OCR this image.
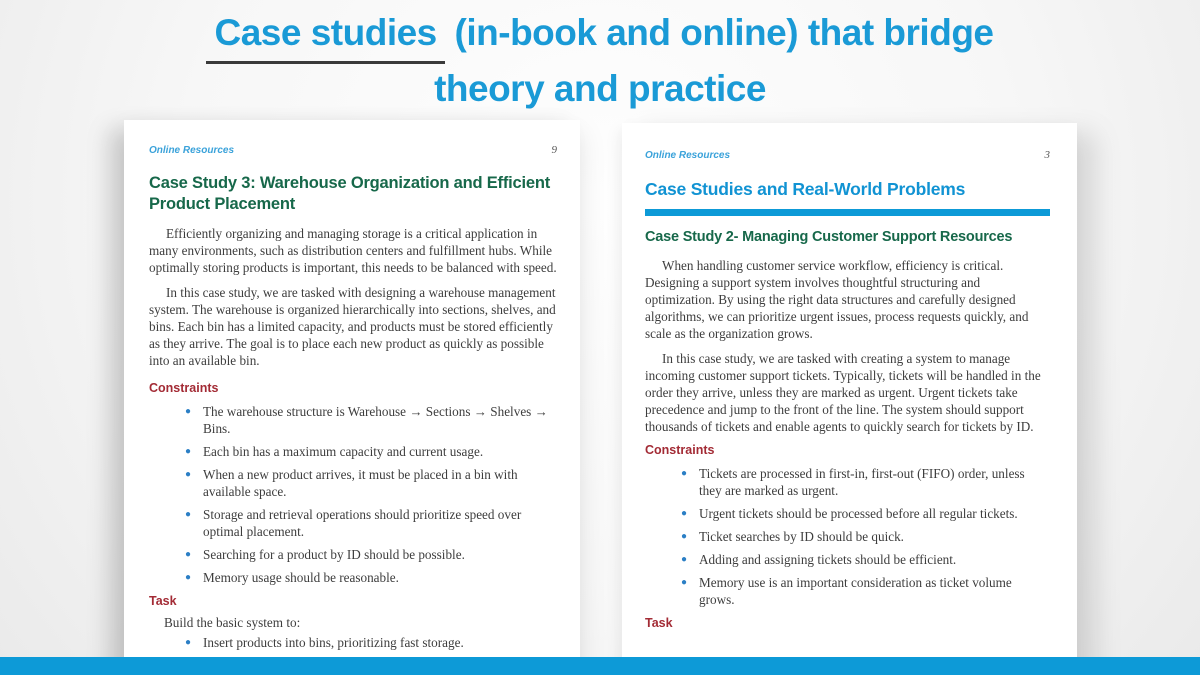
Case studies (in-book and online) that bridge
theory and practice
Online Resources	9
Case Study 3: Warehouse Organization and Efficient Product Placement

Efficiently organizing and managing storage is a critical application in many environments, such as distribution centers and fulfillment hubs. While optimally storing products is important, this needs to be balanced with speed.

In this case study, we are tasked with designing a warehouse management system. The warehouse is organized hierarchically into sections, shelves, and bins. Each bin has a limited capacity, and products must be stored efficiently as they arrive. The goal is to place each new product as quickly as possible into an available bin.

Constraints
● The warehouse structure is Warehouse → Sections → Shelves → Bins.
● Each bin has a maximum capacity and current usage.
● When a new product arrives, it must be placed in a bin with available space.
● Storage and retrieval operations should prioritize speed over optimal placement.
● Searching for a product by ID should be possible.
● Memory usage should be reasonable.
Task
Build the basic system to:
● Insert products into bins, prioritizing fast storage.
Online Resources	3
Case Studies and Real-World Problems
Case Study 2- Managing Customer Support Resources

When handling customer service workflow, efficiency is critical. Designing a support system involves thoughtful structuring and optimization. By using the right data structures and carefully designed algorithms, we can prioritize urgent issues, process requests quickly, and scale as the organization grows.

In this case study, we are tasked with creating a system to manage incoming customer support tickets. Typically, tickets will be handled in the order they arrive, unless they are marked as urgent. Urgent tickets take precedence and jump to the front of the line. The system should support thousands of tickets and enable agents to quickly search for tickets by ID.

Constraints
● Tickets are processed in first-in, first-out (FIFO) order, unless they are marked as urgent.
● Urgent tickets should be processed before all regular tickets.
● Ticket searches by ID should be quick.
● Adding and assigning tickets should be efficient.
● Memory use is an important consideration as ticket volume grows.
Task
